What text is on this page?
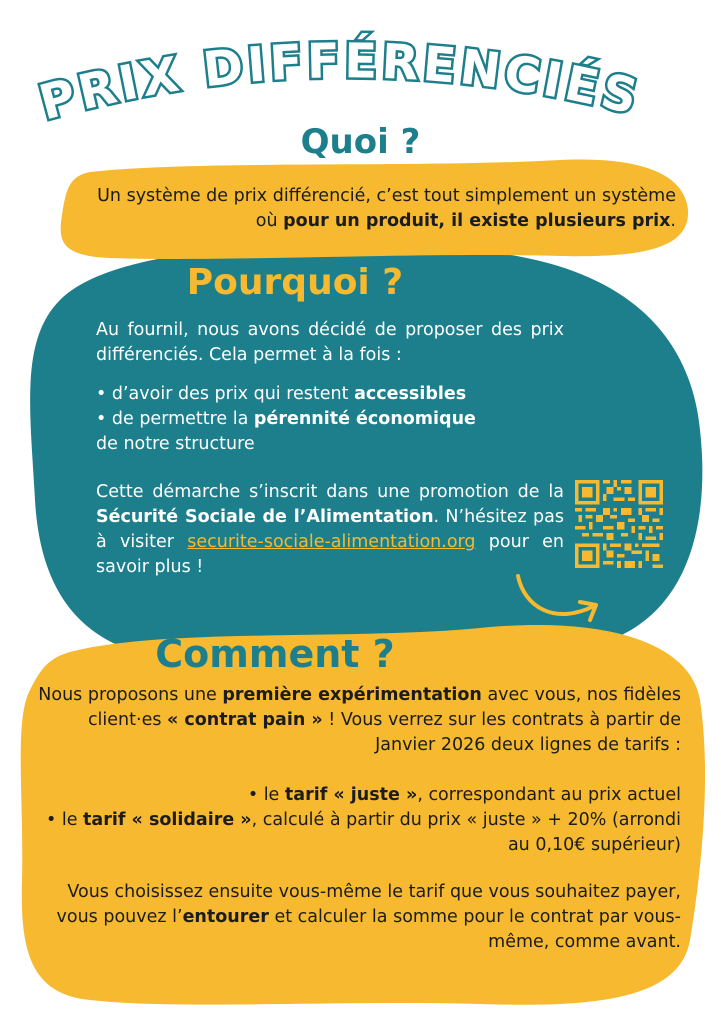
PRIX DIFFÉRENCIÉS
Quoi ?
Un système de prix différencié, c’est tout simplement un système où pour un produit, il existe plusieurs prix.
Pourquoi ?
Au fournil, nous avons décidé de proposer des prix différenciés. Cela permet à la fois :
• d’avoir des prix qui restent accessibles
• de permettre la pérennité économique
de notre structure
Cette démarche s’inscrit dans une promotion de la Sécurité Sociale de l’Alimentation. N’hésitez pas à visiter securite-sociale-alimentation.org pour en savoir plus !
Comment ?
Nous proposons une première expérimentation avec vous, nos fidèles client·es « contrat pain » ! Vous verrez sur les contrats à partir de Janvier 2026 deux lignes de tarifs :
• le tarif « juste », correspondant au prix actuel
• le tarif « solidaire », calculé à partir du prix « juste » + 20% (arrondi au 0,10€ supérieur)
Vous choisissez ensuite vous-même le tarif que vous souhaitez payer, vous pouvez l’entourer et calculer la somme pour le contrat par vous-même, comme avant.
